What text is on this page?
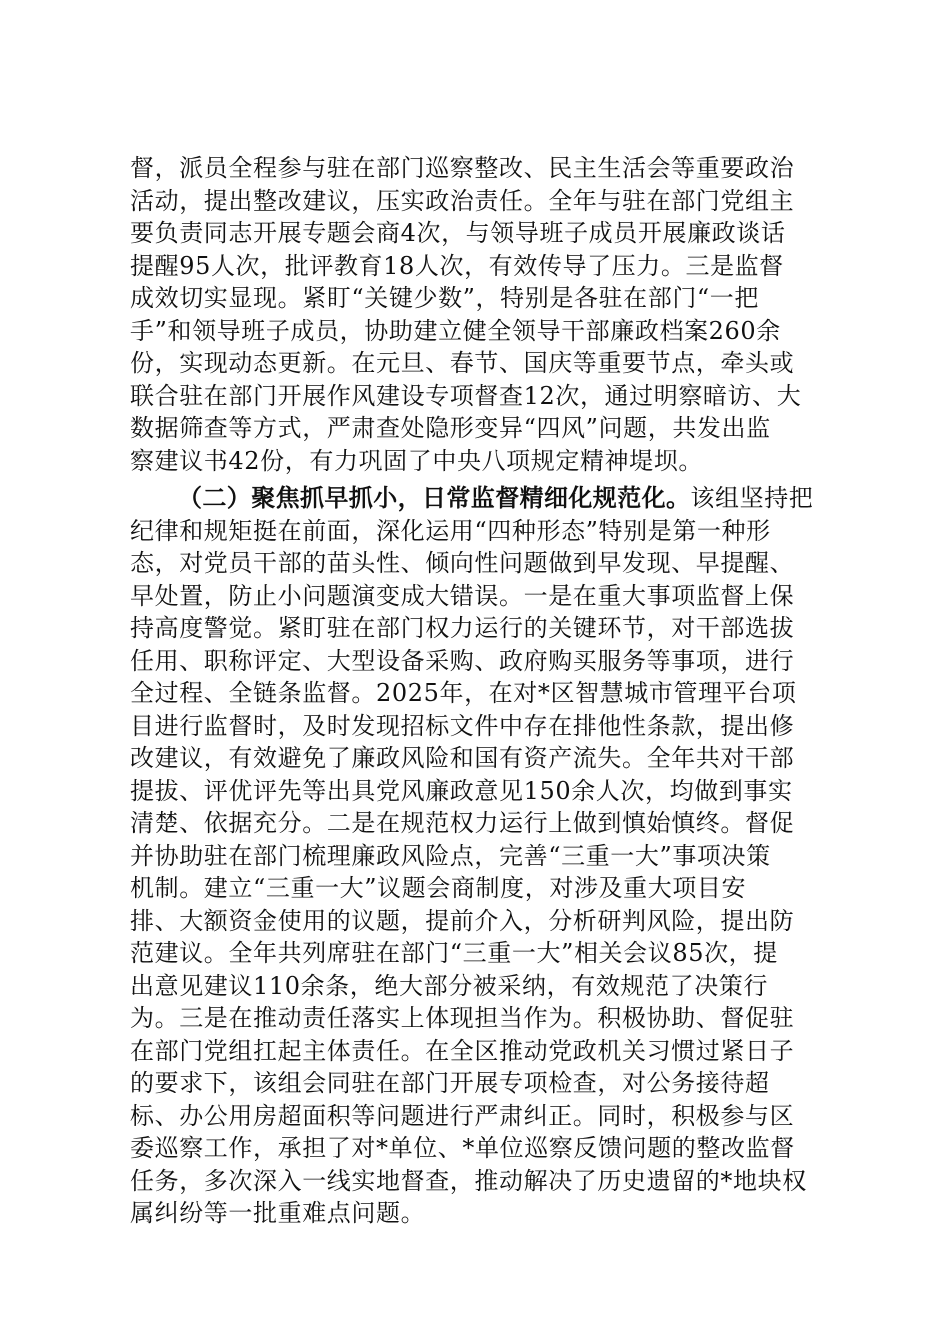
督，派员全程参与驻在部门巡察整改、民主生活会等重要政治
活动，提出整改建议，压实政治责任。全年与驻在部门党组主
要负责同志开展专题会商4次，与领导班子成员开展廉政谈话
提醒95人次，批评教育18人次，有效传导了压力。三是监督
成效切实显现。紧盯“关键少数”，特别是各驻在部门“一把
手”和领导班子成员，协助建立健全领导干部廉政档案260余
份，实现动态更新。在元旦、春节、国庆等重要节点，牵头或
联合驻在部门开展作风建设专项督查12次，通过明察暗访、大
数据筛查等方式，严肃查处隐形变异“四风”问题，共发出监
察建议书42份，有力巩固了中央八项规定精神堤坝。
（二）聚焦抓早抓小，日常监督精细化规范化。该组坚持把
纪律和规矩挺在前面，深化运用“四种形态”特别是第一种形
态，对党员干部的苗头性、倾向性问题做到早发现、早提醒、
早处置，防止小问题演变成大错误。一是在重大事项监督上保
持高度警觉。紧盯驻在部门权力运行的关键环节，对干部选拔
任用、职称评定、大型设备采购、政府购买服务等事项，进行
全过程、全链条监督。2025年，在对*区智慧城市管理平台项
目进行监督时，及时发现招标文件中存在排他性条款，提出修
改建议，有效避免了廉政风险和国有资产流失。全年共对干部
提拔、评优评先等出具党风廉政意见150余人次，均做到事实
清楚、依据充分。二是在规范权力运行上做到慎始慎终。督促
并协助驻在部门梳理廉政风险点，完善“三重一大”事项决策
机制。建立“三重一大”议题会商制度，对涉及重大项目安
排、大额资金使用的议题，提前介入，分析研判风险，提出防
范建议。全年共列席驻在部门“三重一大”相关会议85次，提
出意见建议110余条，绝大部分被采纳，有效规范了决策行
为。三是在推动责任落实上体现担当作为。积极协助、督促驻
在部门党组扛起主体责任。在全区推动党政机关习惯过紧日子
的要求下，该组会同驻在部门开展专项检查，对公务接待超
标、办公用房超面积等问题进行严肃纠正。同时，积极参与区
委巡察工作，承担了对*单位、*单位巡察反馈问题的整改监督
任务，多次深入一线实地督查，推动解决了历史遗留的*地块权
属纠纷等一批重难点问题。
